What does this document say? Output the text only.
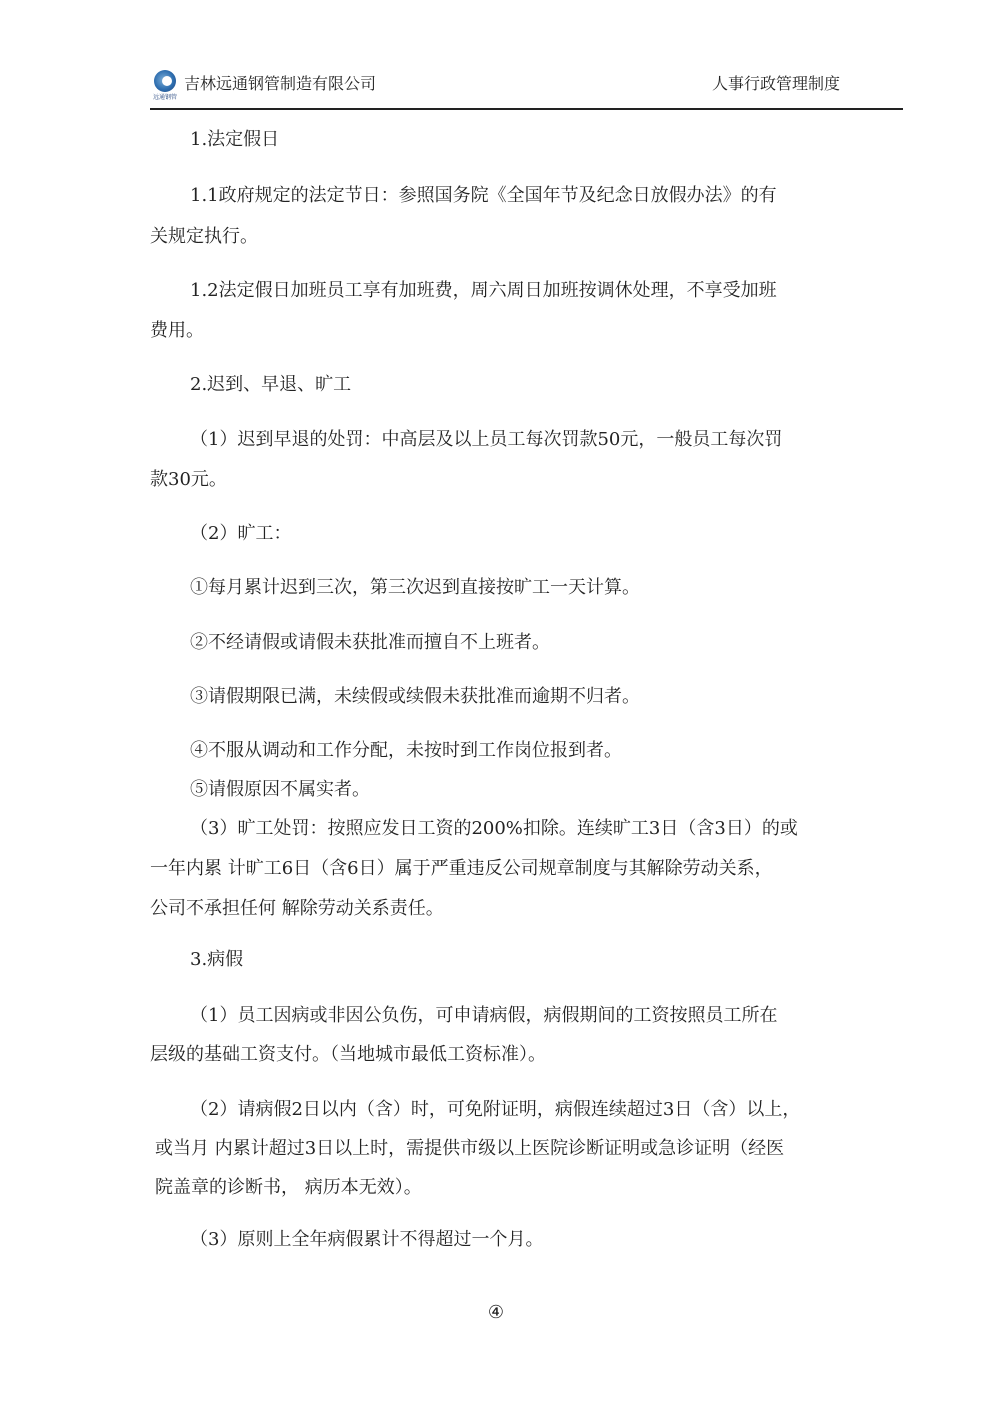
远通钢管
吉林远通钢管制造有限公司	人事行政管理制度
1.法定假日
1.1政府规定的法定节日：参照国务院《全国年节及纪念日放假办法》的有
关规定执行。
1.2法定假日加班员工享有加班费，周六周日加班按调休处理，不享受加班
费用。
2.迟到、早退、旷工
（1）迟到早退的处罚：中高层及以上员工每次罚款50元，一般员工每次罚
款30元。
（2）旷工：
①每月累计迟到三次，第三次迟到直接按旷工一天计算。
②不经请假或请假未获批准而擅自不上班者。
③请假期限已满，未续假或续假未获批准而逾期不归者。
④不服从调动和工作分配，未按时到工作岗位报到者。
⑤请假原因不属实者。
（3）旷工处罚：按照应发日工资的200%扣除。连续旷工3日（含3日）的或
一年内累 计旷工6日（含6日）属于严重违反公司规章制度与其解除劳动关系，
公司不承担任何 解除劳动关系责任。
3.病假
（1）员工因病或非因公负伤，可申请病假，病假期间的工资按照员工所在
层级的基础工资支付。（当地城市最低工资标准）。
（2）请病假2日以内（含）时，可免附证明，病假连续超过3日（含）以上，
或当月 内累计超过3日以上时，需提供市级以上医院诊断证明或急诊证明（经医
院盖章的诊断书， 病历本无效）。
（3）原则上全年病假累计不得超过一个月。
④
